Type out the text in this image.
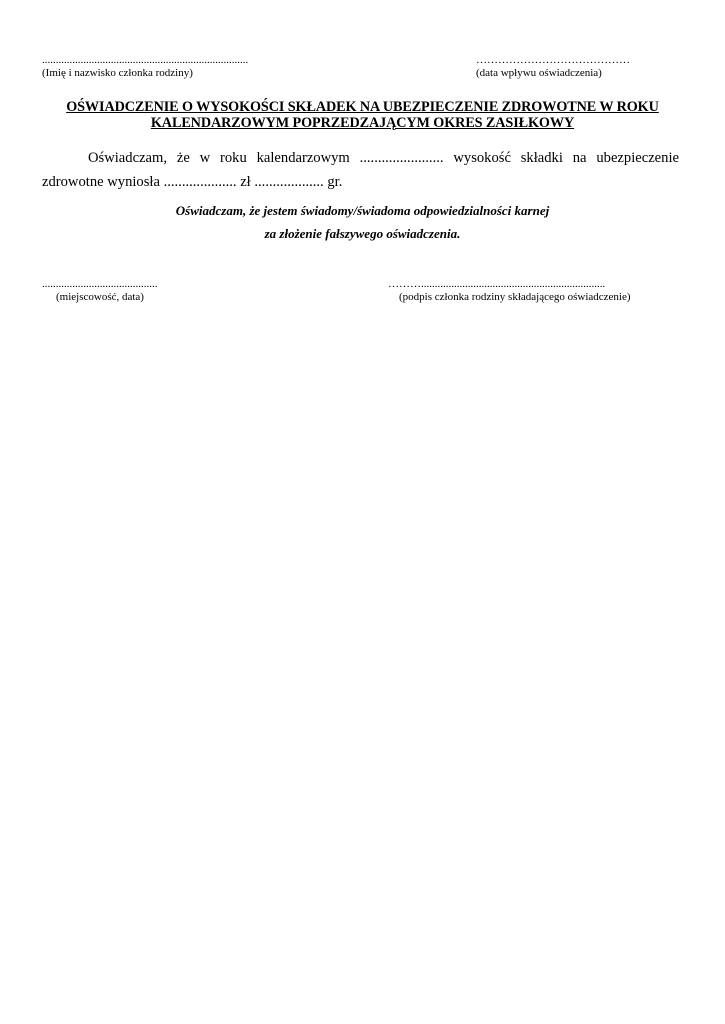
...........................................................................
(Imię i nazwisko członka rodziny)
……………………………………
(data wpływu oświadczenia)
OŚWIADCZENIE O WYSOKOŚCI SKŁADEK NA UBEZPIECZENIE ZDROWOTNE W ROKU
KALENDARZOWYM POPRZEDZAJĄCYM OKRES ZASIŁKOWY
Oświadczam, że w roku kalendarzowym ....................... wysokość składki na ubezpieczenie
zdrowotne wyniosła .................... zł ................... gr.
Oświadczam, że jestem świadomy/świadoma odpowiedzialności karnej
za złożenie fałszywego oświadczenia.
..........................................
(miejscowość, data)
………...................................................................
(podpis członka rodziny składającego oświadczenie)
